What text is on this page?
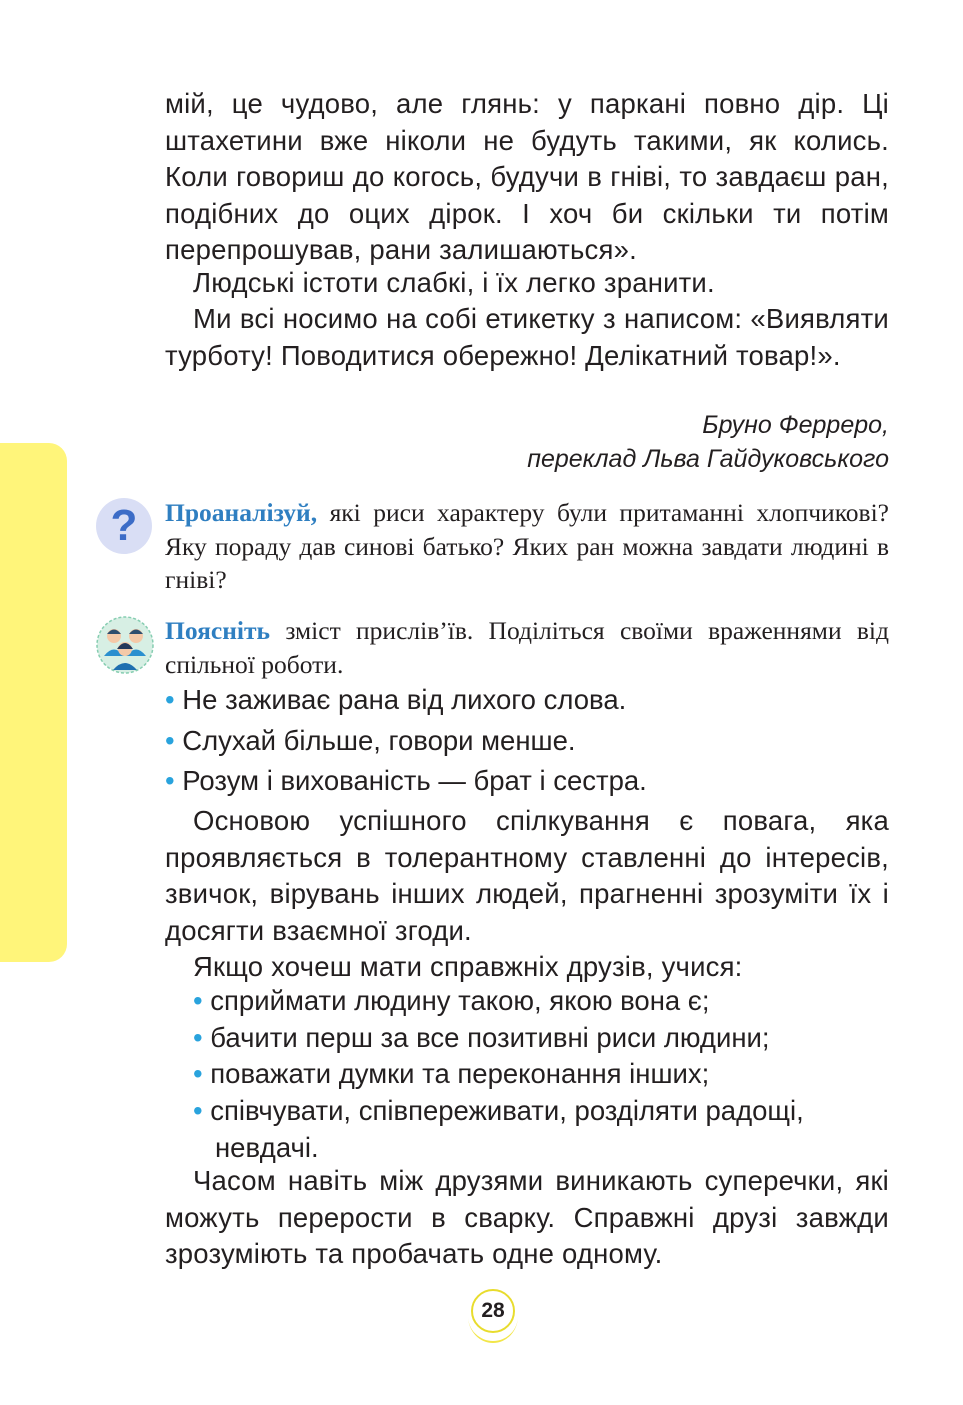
мій, це чудово, але глянь: у паркані повно дір. Ці штахетини вже ніколи не будуть такими, як колись. Коли говориш до когось, будучи в гніві, то завдаєш ран, подібних до оцих дірок. І хоч би скільки ти потім перепрошував, рани залишаються».

Людські істоти слабкі, і їх легко зранити.

Ми всі носимо на собі етикетку з написом: «Виявляти турботу! Поводитися обережно! Делікатний товар!».

Бруно Ферреро,
переклад Льва Гайдуковського
?	Проаналізуй, які риси характеру були притаманні хлопчикові? Яку пораду дав синові батько? Яких ран можна завдати людині в гніві?

Поясніть зміст прислів’їв. Поділіться своїми враженнями від спільної роботи.

• Не заживає рана від лихого слова.
• Слухай більше, говори менше.
• Розум і вихованість — брат і сестра.

Основою успішного спілкування є повага, яка проявляється в толерантному ставленні до інтересів, звичок, вірувань інших людей, прагненні зрозуміти їх і досягти взаємної згоди.

Якщо хочеш мати справжніх друзів, учися:

• сприймати людину такою, якою вона є;
• бачити перш за все позитивні риси людини;
• поважати думки та переконання інших;
• співчувати, співпереживати, розділяти радощі, невдачі.

Часом навіть між друзями виникають суперечки, які можуть перерости в сварку. Справжні друзі завжди зрозуміють та пробачать одне одному.

28
